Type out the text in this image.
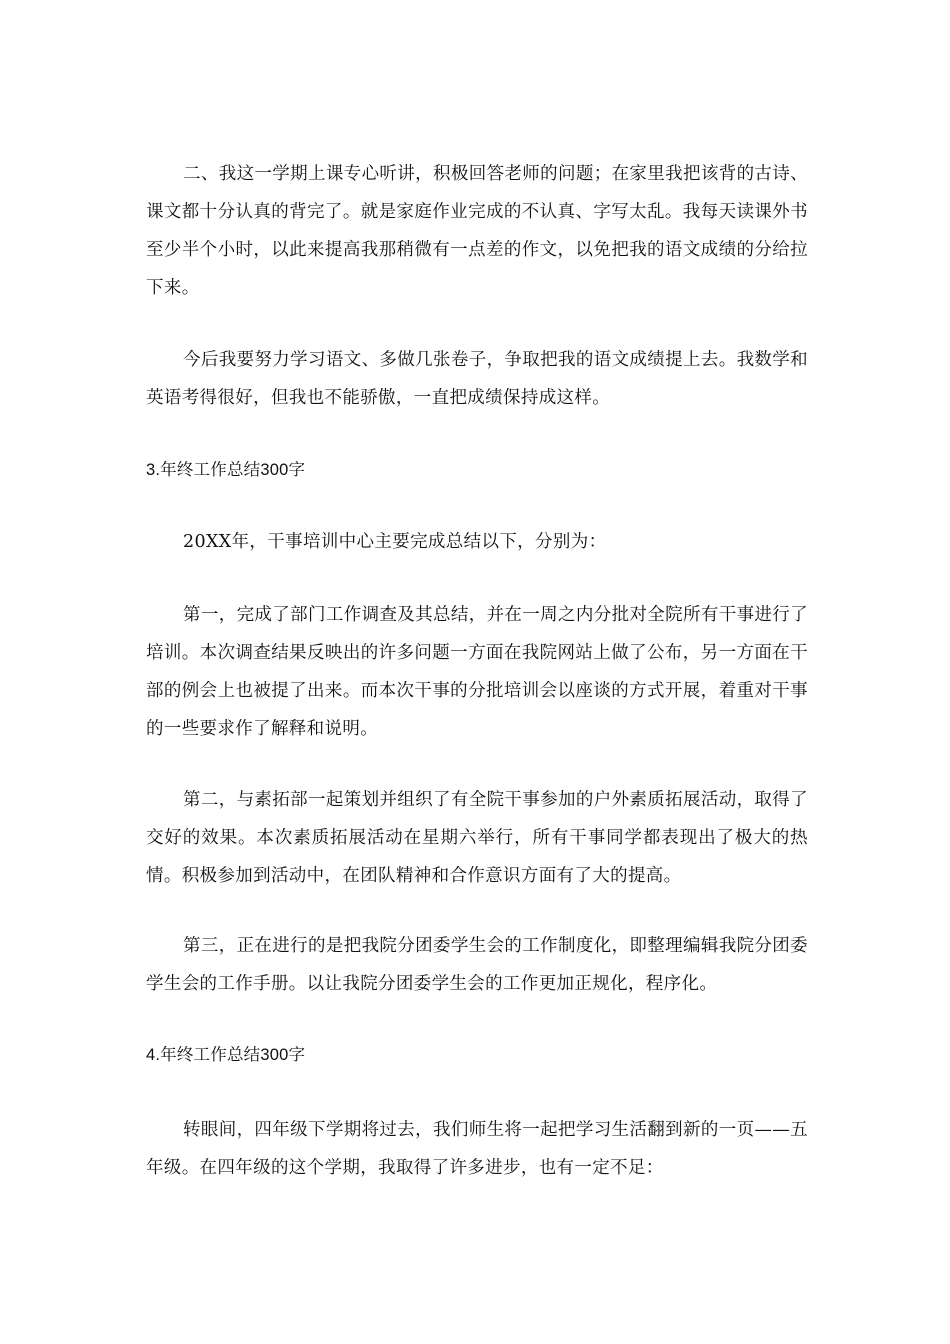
二、我这一学期上课专心听讲，积极回答老师的问题；在家里我把该背的古诗、课文都十分认真的背完了。就是家庭作业完成的不认真、字写太乱。我每天读课外书至少半个小时，以此来提高我那稍微有一点差的作文，以免把我的语文成绩的分给拉下来。

今后我要努力学习语文、多做几张卷子，争取把我的语文成绩提上去。我数学和英语考得很好，但我也不能骄傲，一直把成绩保持成这样。

3.年终工作总结300字

20XX年，干事培训中心主要完成总结以下，分别为：

第一，完成了部门工作调查及其总结，并在一周之内分批对全院所有干事进行了培训。本次调查结果反映出的许多问题一方面在我院网站上做了公布，另一方面在干部的例会上也被提了出来。而本次干事的分批培训会以座谈的方式开展，着重对干事的一些要求作了解释和说明。

第二，与素拓部一起策划并组织了有全院干事参加的户外素质拓展活动，取得了交好的效果。本次素质拓展活动在星期六举行，所有干事同学都表现出了极大的热情。积极参加到活动中，在团队精神和合作意识方面有了大的提高。

第三，正在进行的是把我院分团委学生会的工作制度化，即整理编辑我院分团委学生会的工作手册。以让我院分团委学生会的工作更加正规化，程序化。

4.年终工作总结300字

转眼间，四年级下学期将过去，我们师生将一起把学习生活翻到新的一页——五年级。在四年级的这个学期，我取得了许多进步，也有一定不足：
